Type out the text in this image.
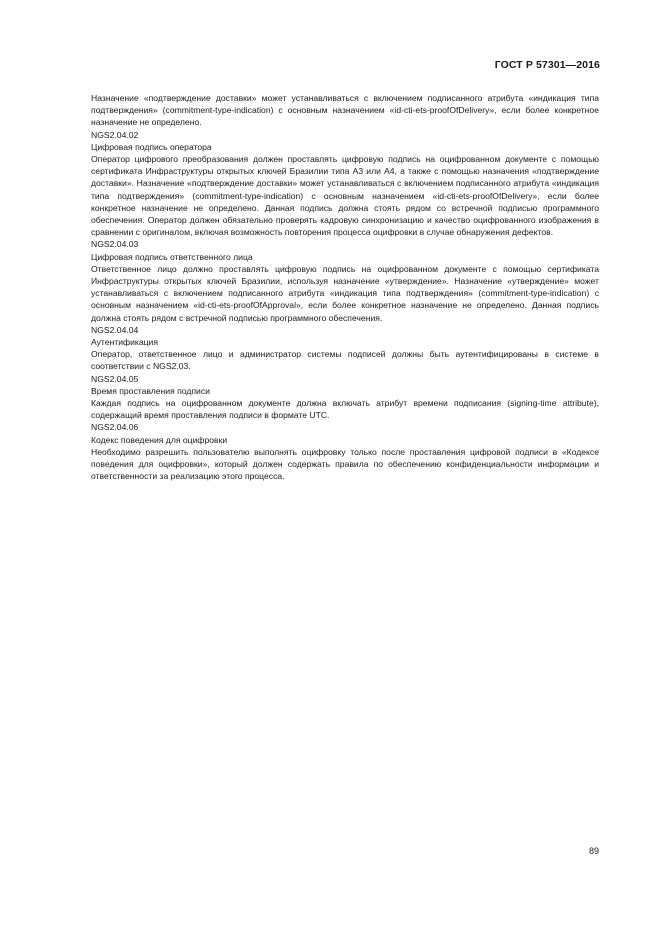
ГОСТ Р 57301—2016

Назначение «подтверждение доставки» может устанавливаться с включением подписанного атрибута «индикация типа подтверждения» (commitment-type-indication) с основным назначением «id-cti-ets-proofOfDelivery», если более конкретное назначение не определено.

NGS2.04.02

Цифровая подпись оператора

Оператор цифрового преобразования должен проставлять цифровую подпись на оцифрованном документе с помощью сертификата Инфраструктуры открытых ключей Бразилии типа А3 или А4, а также с помощью назначения «подтверждение доставки». Назначение «подтверждение доставки» может устанавливаться с включением подписанного атрибута «индикация типа подтверждения» (commitment-type-indication) с основным назначением «id-cti-ets-proofOfDelivery», если более конкретное назначение не определено. Данная подпись должна стоять рядом со встречной подписью программного обеспечения. Оператор должен обязательно проверять кадровую синхронизацию и качество оцифрованного изображения в сравнении с оригиналом, включая возможность повторения процесса оцифровки в случае обнаружения дефектов.

NGS2.04.03

Цифровая подпись ответственного лица

Ответственное лицо должно проставлять цифровую подпись на оцифрованном документе с помощью сертификата Инфраструктуры открытых ключей Бразилии, используя назначение «утверждение». Назначение «утверждение» может устанавливаться с включением подписанного атрибута «индикация типа подтверждения» (commitment-type-indication) с основным назначением «id-cti-ets-proofOfApproval», если более конкретное назначение не определено. Данная подпись должна стоять рядом с встречной подписью программного обеспечения.

NGS2.04.04

Аутентификация

Оператор, ответственное лицо и администратор системы подписей должны быть аутентифицированы в системе в соответствии с NGS2.03.

NGS2.04.05

Время проставления подписи

Каждая подпись на оцифрованном документе должна включать атрибут времени подписания (signing-time attribute), содержащий время проставления подписи в формате UTC.

NGS2.04.06

Кодекс поведения для оцифровки

Необходимо разрешить пользователю выполнять оцифровку только после проставления цифровой подписи в «Кодексе поведения для оцифровки», который должен содержать правила по обеспечению конфиденциальности информации и ответственности за реализацию этого процесса.

89
